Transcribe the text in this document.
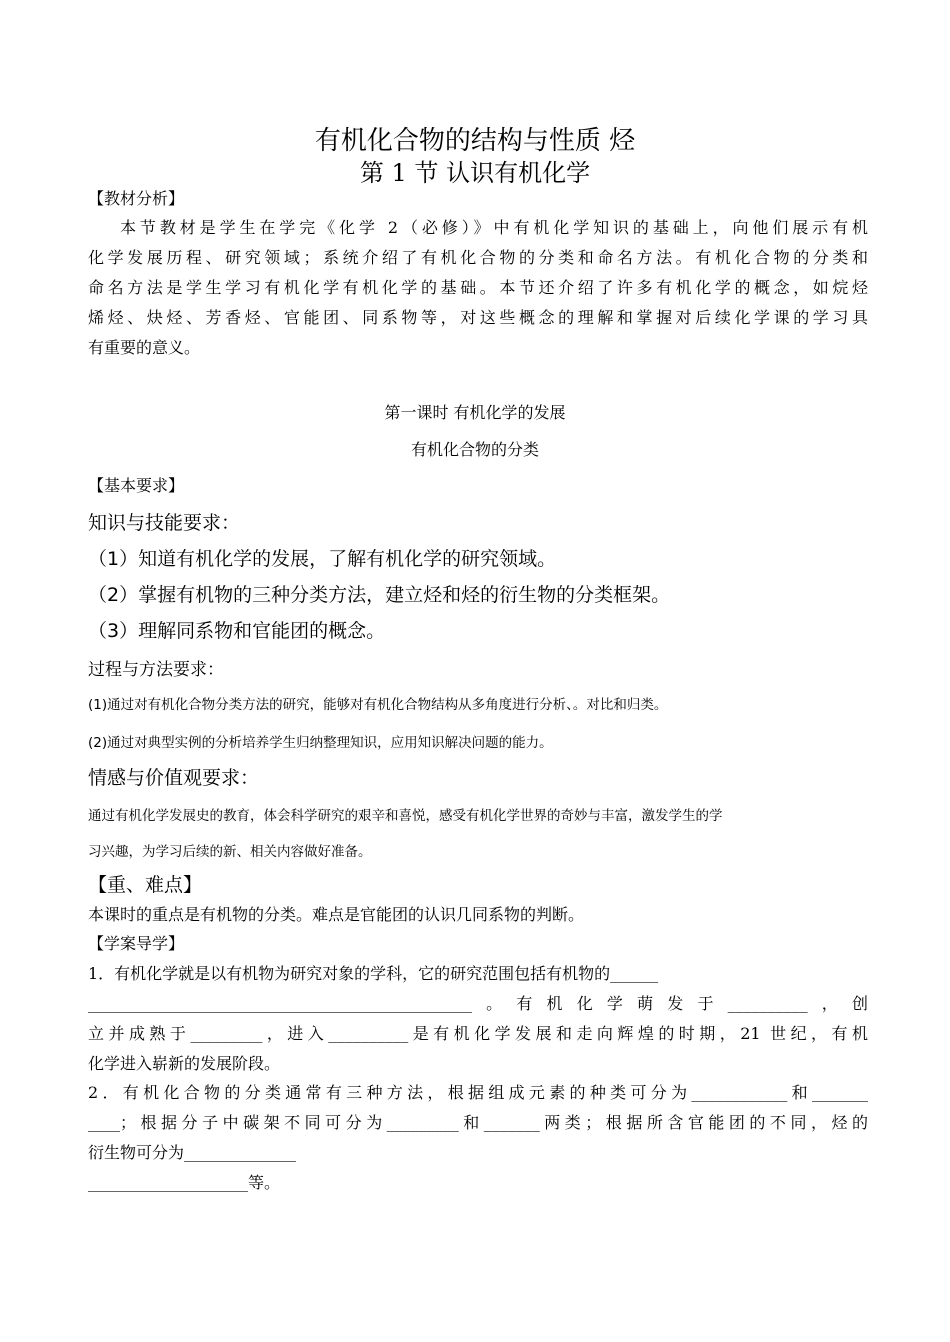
有机化合物的结构与性质 烃
第 1 节 认识有机化学
【教材分析】
本节教材是学生在学完《化学 2（必修）》中有机化学知识的基础上，向他们展示有机
化学发展历程、研究领域；系统介绍了有机化合物的分类和命名方法。有机化合物的分类和
命名方法是学生学习有机化学有机化学的基础。本节还介绍了许多有机化学的概念，如烷烃
烯烃、炔烃、芳香烃、官能团、同系物等，对这些概念的理解和掌握对后续化学课的学习具
有重要的意义。
第一课时 有机化学的发展
有机化合物的分类
【基本要求】
知识与技能要求：
（1）知道有机化学的发展，了解有机化学的研究领域。
（2）掌握有机物的三种分类方法，建立烃和烃的衍生物的分类框架。
（3）理解同系物和官能团的概念。
过程与方法要求：
(1)通过对有机化合物分类方法的研究，能够对有机化合物结构从多角度进行分析、。对比和归类。
(2)通过对典型实例的分析培养学生归纳整理知识，应用知识解决问题的能力。
情感与价值观要求：
通过有机化学发展史的教育，体会科学研究的艰辛和喜悦，感受有机化学世界的奇妙与丰富，激发学生的学
习兴趣，为学习后续的新、相关内容做好准备。
【重、难点】
本课时的重点是有机物的分类。难点是官能团的认识几同系物的判断。
【学案导学】
1．有机化学就是以有机物为研究对象的学科，它的研究范围包括有机物的______
________________________________________________。有机化学萌发于__________，创
立并成熟于_________，进入__________是有机化学发展和走向辉煌的时期，21 世纪，有机
化学进入崭新的发展阶段。
2．有机化合物的分类通常有三种方法，根据组成元素的种类可分为____________和_______
____；根据分子中碳架不同可分为_________和_______两类；根据所含官能团的不同，烃的
衍生物可分为______________
____________________等。
